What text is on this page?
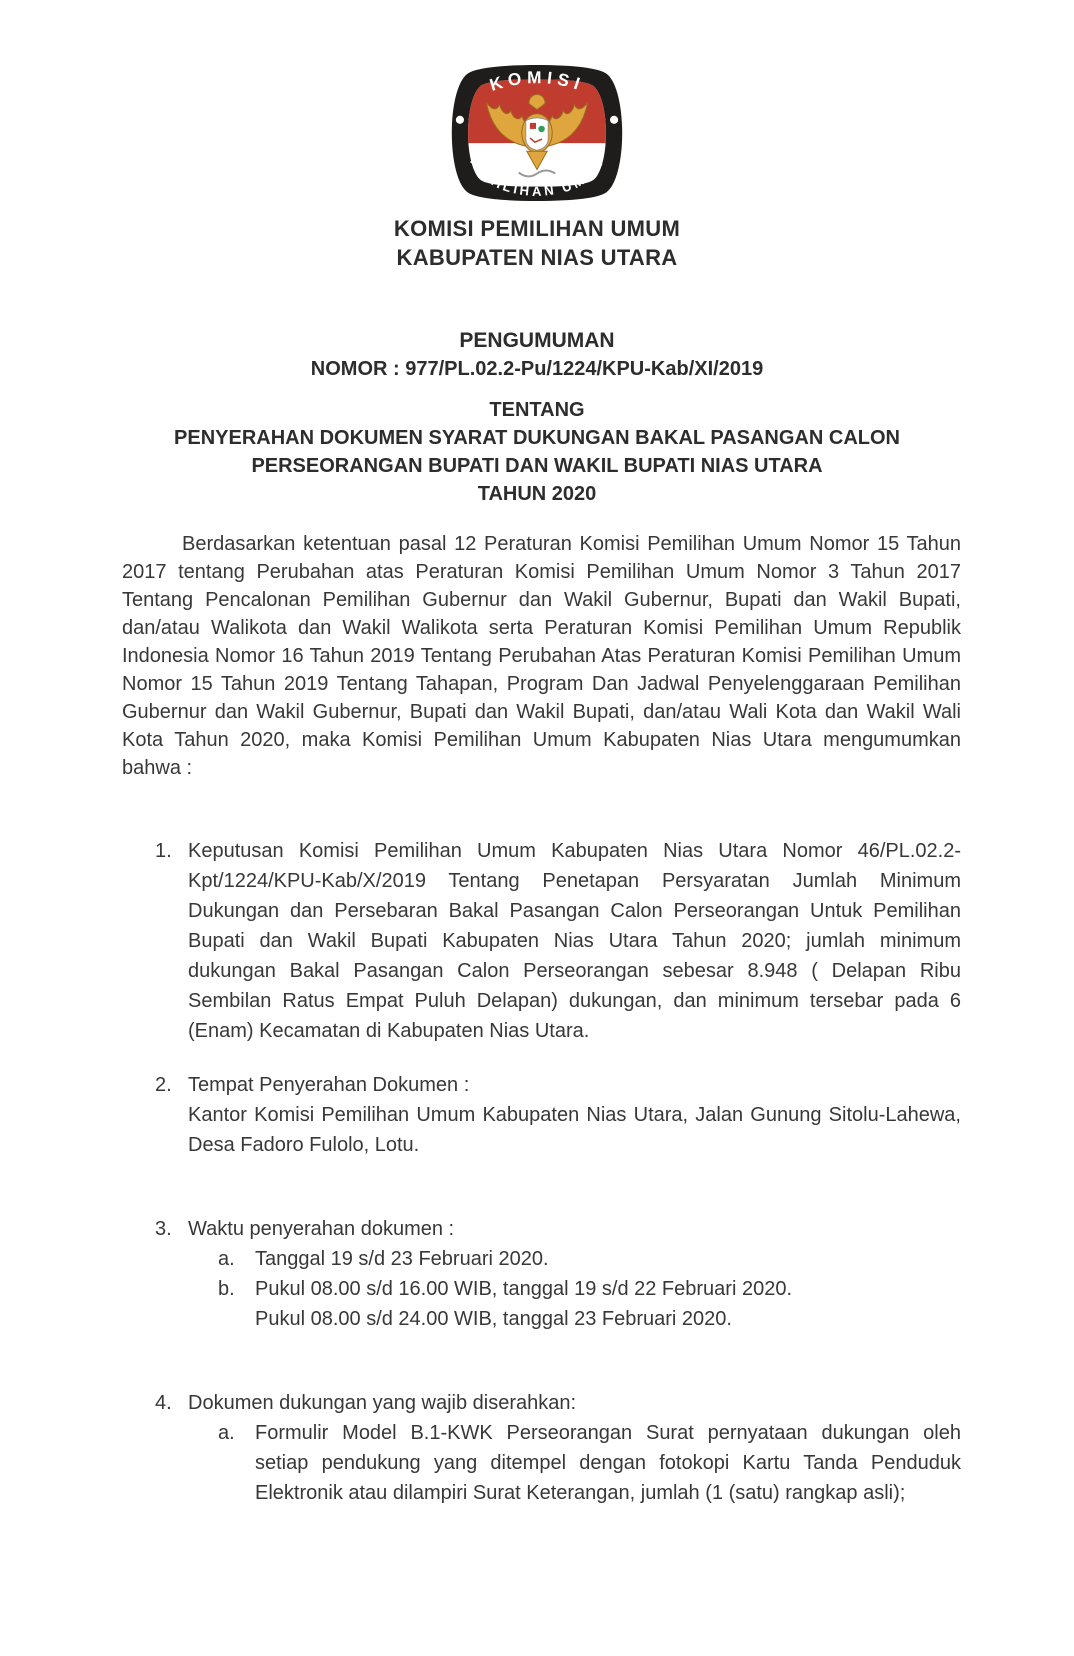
KOMISI
PEMILIHAN UMUM
KOMISI PEMILIHAN UMUM
KABUPATEN NIAS UTARA
PENGUMUMAN
NOMOR : 977/PL.02.2-Pu/1224/KPU-Kab/XI/2019
TENTANG
PENYERAHAN DOKUMEN SYARAT DUKUNGAN BAKAL PASANGAN CALON
PERSEORANGAN BUPATI DAN WAKIL BUPATI NIAS UTARA
TAHUN 2020

Berdasarkan ketentuan pasal 12 Peraturan Komisi Pemilihan Umum Nomor 15 Tahun 2017 tentang Perubahan atas Peraturan Komisi Pemilihan Umum Nomor 3 Tahun 2017 Tentang Pencalonan Pemilihan Gubernur dan Wakil Gubernur, Bupati dan Wakil Bupati, dan/atau Walikota dan Wakil Walikota serta Peraturan Komisi Pemilihan Umum Republik Indonesia Nomor 16 Tahun 2019 Tentang Perubahan Atas Peraturan Komisi Pemilihan Umum Nomor 15 Tahun 2019 Tentang Tahapan, Program Dan Jadwal Penyelenggaraan Pemilihan Gubernur dan Wakil Gubernur, Bupati dan Wakil Bupati, dan/atau Wali Kota dan Wakil Wali Kota Tahun 2020, maka Komisi Pemilihan Umum Kabupaten Nias Utara mengumumkan bahwa :

1. Keputusan Komisi Pemilihan Umum Kabupaten Nias Utara Nomor 46/PL.02.2-Kpt/1224/KPU-Kab/X/2019 Tentang Penetapan Persyaratan Jumlah Minimum Dukungan dan Persebaran Bakal Pasangan Calon Perseorangan Untuk Pemilihan Bupati dan Wakil Bupati Kabupaten Nias Utara Tahun 2020; jumlah minimum dukungan Bakal Pasangan Calon Perseorangan sebesar 8.948 ( Delapan Ribu Sembilan Ratus Empat Puluh Delapan) dukungan, dan minimum tersebar pada 6 (Enam) Kecamatan di Kabupaten Nias Utara.
2. Tempat Penyerahan Dokumen :
Kantor Komisi Pemilihan Umum Kabupaten Nias Utara, Jalan Gunung Sitolu-Lahewa, Desa Fadoro Fulolo, Lotu.
3. Waktu penyerahan dokumen :
a.	Tanggal 19 s/d 23 Februari 2020.
b.	Pukul 08.00 s/d 16.00 WIB, tanggal 19 s/d 22 Februari 2020.
Pukul 08.00 s/d 24.00 WIB, tanggal 23 Februari 2020.
4. Dokumen dukungan yang wajib diserahkan:
a.	Formulir Model B.1-KWK Perseorangan Surat pernyataan dukungan oleh setiap pendukung yang ditempel dengan fotokopi Kartu Tanda Penduduk Elektronik atau dilampiri Surat Keterangan, jumlah (1 (satu) rangkap asli);
